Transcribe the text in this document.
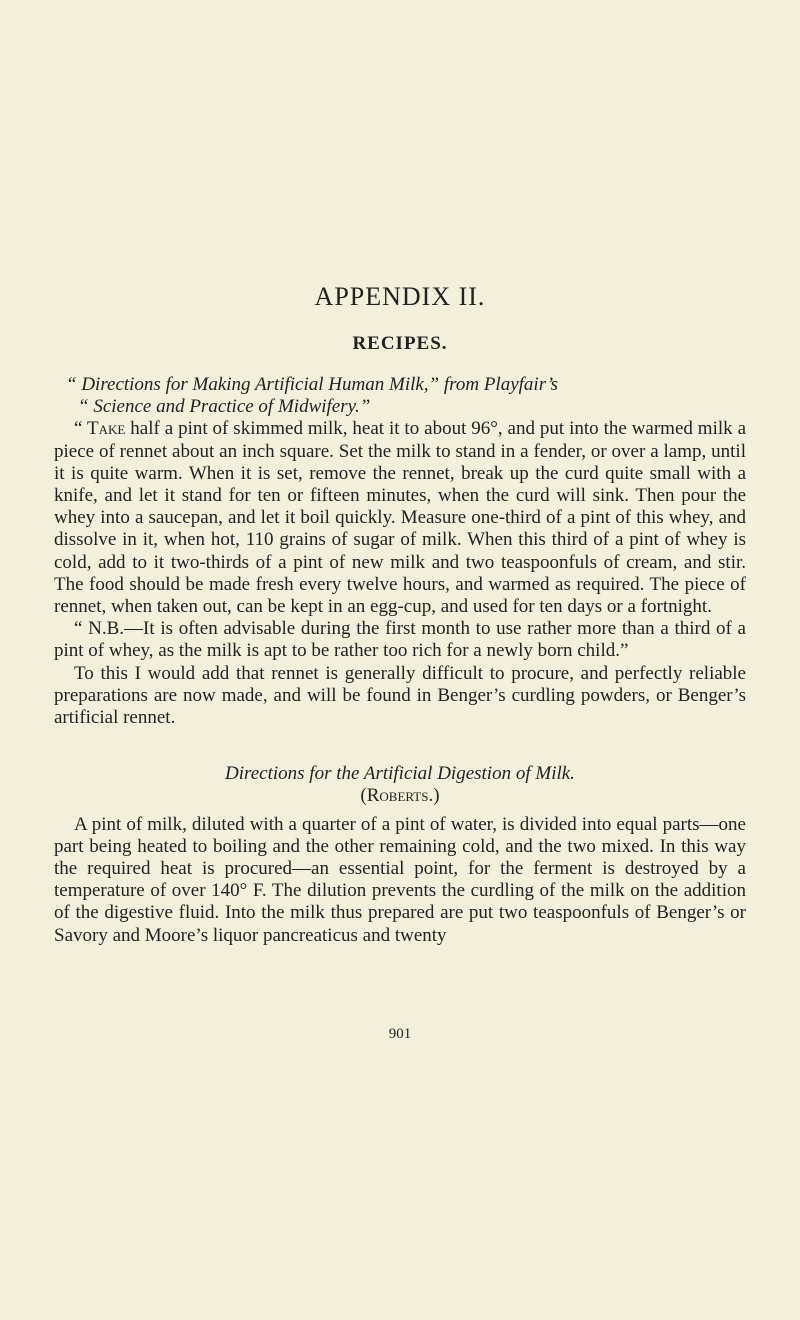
APPENDIX II.
RECIPES.

“ Directions for Making Artificial Human Milk,” from Playfair’s

“ Science and Practice of Midwifery.”

“ Take half a pint of skimmed milk, heat it to about 96°, and put into the warmed milk a piece of rennet about an inch square. Set the milk to stand in a fender, or over a lamp, until it is quite warm. When it is set, remove the rennet, break up the curd quite small with a knife, and let it stand for ten or fifteen minutes, when the curd will sink. Then pour the whey into a saucepan, and let it boil quickly. Measure one-third of a pint of this whey, and dissolve in it, when hot, 110 grains of sugar of milk. When this third of a pint of whey is cold, add to it two-thirds of a pint of new milk and two teaspoonfuls of cream, and stir. The food should be made fresh every twelve hours, and warmed as required. The piece of rennet, when taken out, can be kept in an egg-cup, and used for ten days or a fortnight.

“ N.B.—It is often advisable during the first month to use rather more than a third of a pint of whey, as the milk is apt to be rather too rich for a newly born child.”

To this I would add that rennet is generally difficult to procure, and perfectly reliable preparations are now made, and will be found in Benger’s curdling powders, or Benger’s artificial rennet.

Directions for the Artificial Digestion of Milk.

(Roberts.)

A pint of milk, diluted with a quarter of a pint of water, is divided into equal parts—one part being heated to boiling and the other remaining cold, and the two mixed. In this way the required heat is procured—an essential point, for the ferment is destroyed by a temperature of over 140° F. The dilution prevents the curdling of the milk on the addition of the digestive fluid. Into the milk thus prepared are put two teaspoonfuls of Benger’s or Savory and Moore’s liquor pancreaticus and twenty

901
